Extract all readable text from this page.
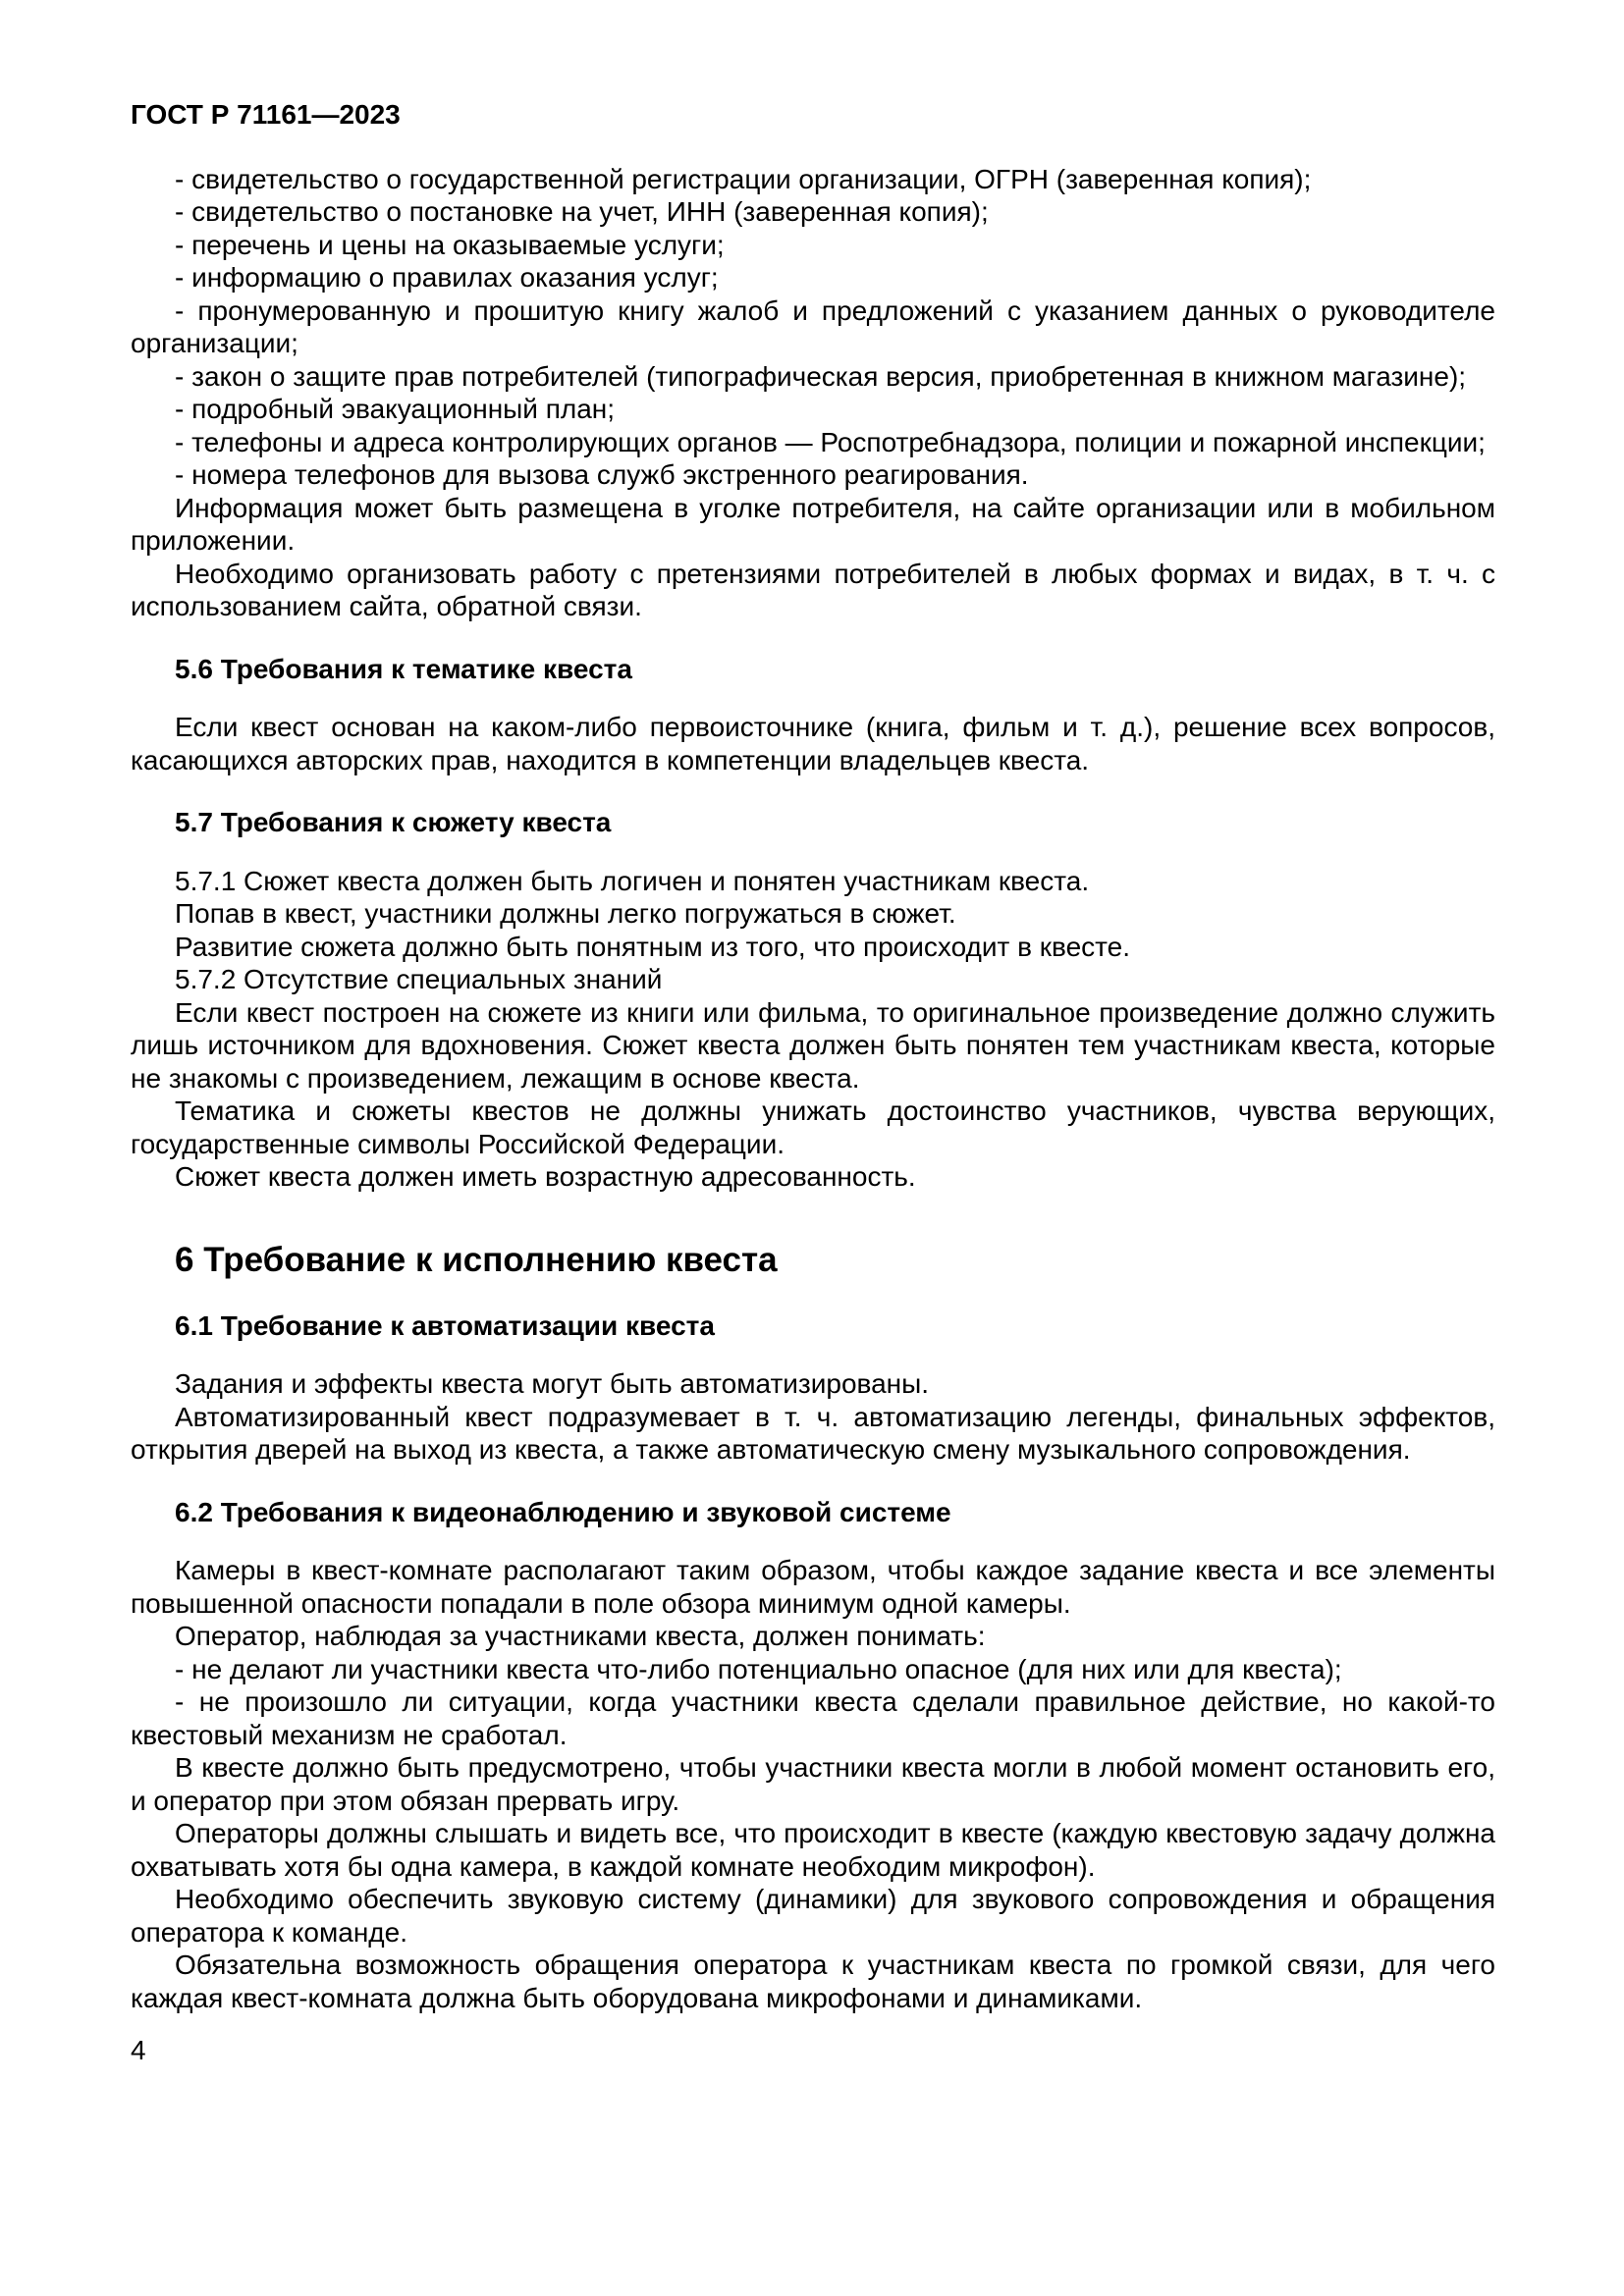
ГОСТ Р 71161—2023

- свидетельство о государственной регистрации организации, ОГРН (заверенная копия);

- свидетельство о постановке на учет, ИНН (заверенная копия);

- перечень и цены на оказываемые услуги;

- информацию о правилах оказания услуг;

- пронумерованную и прошитую книгу жалоб и предложений с указанием данных о руководителе организации;

- закон о защите прав потребителей (типографическая версия, приобретенная в книжном магазине);

- подробный эвакуационный план;

- телефоны и адреса контролирующих органов — Роспотребнадзора, полиции и пожарной инспекции;

- номера телефонов для вызова служб экстренного реагирования.

Информация может быть размещена в уголке потребителя, на сайте организации или в мобильном приложении.

Необходимо организовать работу с претензиями потребителей в любых формах и видах, в т. ч. с использованием сайта, обратной связи.

5.6 Требования к тематике квеста

Если квест основан на каком-либо первоисточнике (книга, фильм и т. д.), решение всех вопросов, касающихся авторских прав, находится в компетенции владельцев квеста.

5.7 Требования к сюжету квеста

5.7.1 Сюжет квеста должен быть логичен и понятен участникам квеста.

Попав в квест, участники должны легко погружаться в сюжет.

Развитие сюжета должно быть понятным из того, что происходит в квесте.

5.7.2 Отсутствие специальных знаний

Если квест построен на сюжете из книги или фильма, то оригинальное произведение должно служить лишь источником для вдохновения. Сюжет квеста должен быть понятен тем участникам квеста, которые не знакомы с произведением, лежащим в основе квеста.

Тематика и сюжеты квестов не должны унижать достоинство участников, чувства верующих, государственные символы Российской Федерации.

Сюжет квеста должен иметь возрастную адресованность.

6 Требование к исполнению квеста

6.1 Требование к автоматизации квеста

Задания и эффекты квеста могут быть автоматизированы.

Автоматизированный квест подразумевает в т. ч. автоматизацию легенды, финальных эффектов, открытия дверей на выход из квеста, а также автоматическую смену музыкального сопровождения.

6.2 Требования к видеонаблюдению и звуковой системе

Камеры в квест-комнате располагают таким образом, чтобы каждое задание квеста и все элементы повышенной опасности попадали в поле обзора минимум одной камеры.

Оператор, наблюдая за участниками квеста, должен понимать:

- не делают ли участники квеста что-либо потенциально опасное (для них или для квеста);

- не произошло ли ситуации, когда участники квеста сделали правильное действие, но какой-то квестовый механизм не сработал.

В квесте должно быть предусмотрено, чтобы участники квеста могли в любой момент остановить его, и оператор при этом обязан прервать игру.

Операторы должны слышать и видеть все, что происходит в квесте (каждую квестовую задачу должна охватывать хотя бы одна камера, в каждой комнате необходим микрофон).

Необходимо обеспечить звуковую систему (динамики) для звукового сопровождения и обращения оператора к команде.

Обязательна возможность обращения оператора к участникам квеста по громкой связи, для чего каждая квест-комната должна быть оборудована микрофонами и динамиками.

4
